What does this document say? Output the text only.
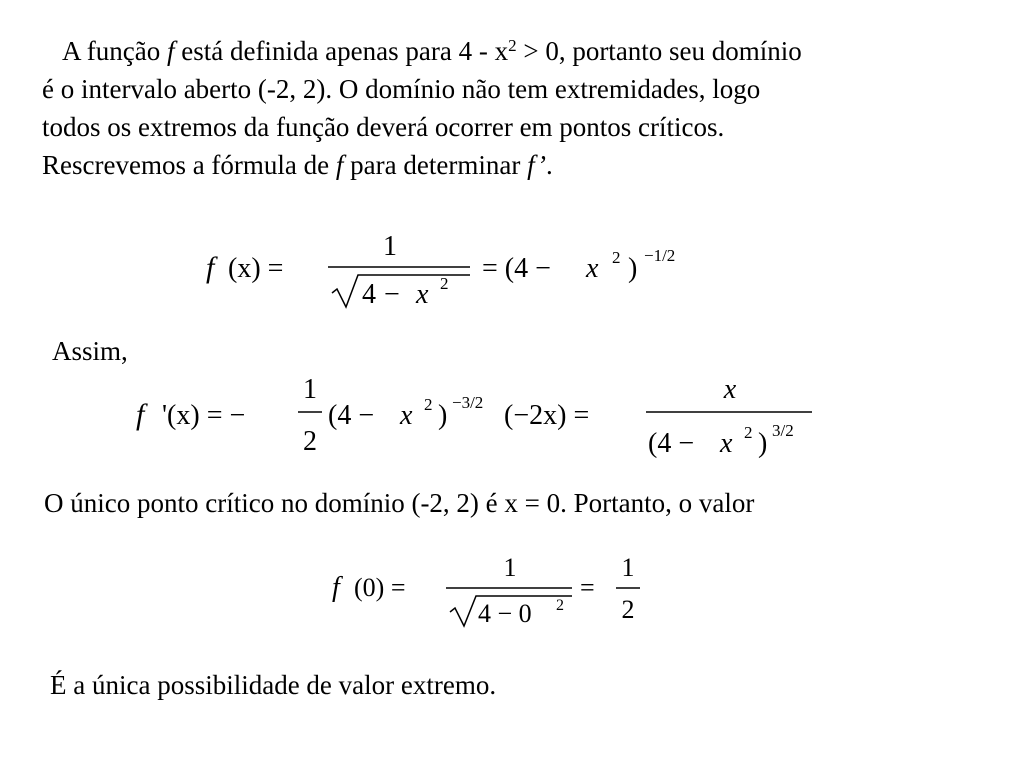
A função f está definida apenas para $4 - x^2 > 0$, portanto seu domínio
é o intervalo aberto (-2, 2). O domínio não tem extremidades, logo
todos os extremos da função deverá ocorrer em pontos críticos.
Rescrevemos a fórmula de f para determinar f’.
f (x) =
1
4 − x 2 = (4 − x 2 ) −1/2
Assim,
f '(x) = −
1
2
(4 − x 2 ) −3/2 (−2x) =
x
(4 − x 2 ) 3/2
O único ponto crítico no domínio (-2, 2) é x = 0. Portanto, o valor
f (0) =
1
4 − 0 2
=
1
2
É a única possibilidade de valor extremo.
